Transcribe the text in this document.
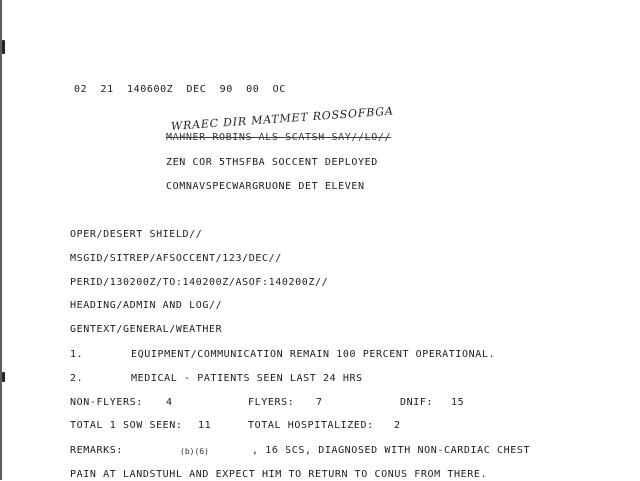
02  21  140600Z  DEC  90  00  OC
WRAEC DIR MATMET ROSSOFBGA
MAHNER ROBINS ALS SCATSH SAY//LO//
ZEN COR 5THSFBA SOCCENT DEPLOYED
COMNAVSPECWARGRUONE DET ELEVEN
OPER/DESERT SHIELD//
MSGID/SITREP/AFSOCCENT/123/DEC//
PERID/130200Z/TO:140200Z/ASOF:140200Z//
HEADING/ADMIN AND LOG//
GENTEXT/GENERAL/WEATHER
1.	EQUIPMENT/COMMUNICATION REMAIN 100 PERCENT OPERATIONAL.
2.	MEDICAL - PATIENTS SEEN LAST 24 HRS
NON-FLYERS: 4	FLYERS: 7	DNIF: 15
TOTAL 1 SOW SEEN: 11	TOTAL HOSPITALIZED: 2
REMARKS:	(b)(6)	, 16 SCS, DIAGNOSED WITH NON-CARDIAC CHEST
PAIN AT LANDSTUHL AND EXPECT HIM TO RETURN TO CONUS FROM THERE.
